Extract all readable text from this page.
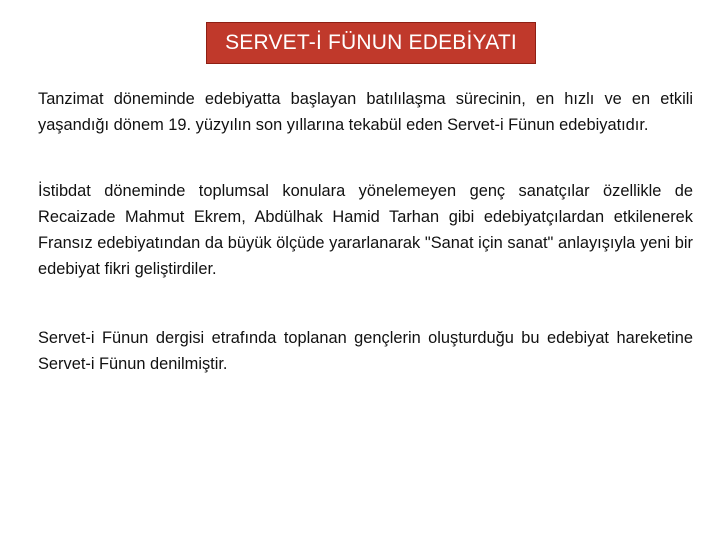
SERVET-İ FÜNUN EDEBİYATI

Tanzimat döneminde edebiyatta başlayan batılılaşma sürecinin, en hızlı ve en etkili yaşandığı dönem 19. yüzyılın son yıllarına tekabül eden Servet-i Fünun edebiyatıdır.

İstibdat döneminde toplumsal konulara yönelemeyen genç sanatçılar özellikle de Recaizade Mahmut Ekrem, Abdülhak Hamid Tarhan gibi edebiyatçılardan etkilenerek Fransız edebiyatından da büyük ölçüde yararlanarak "Sanat için sanat" anlayışıyla yeni bir edebiyat fikri geliştirdiler.

Servet-i Fünun dergisi etrafında toplanan gençlerin oluşturduğu bu edebiyat hareketine Servet-i Fünun denilmiştir.
